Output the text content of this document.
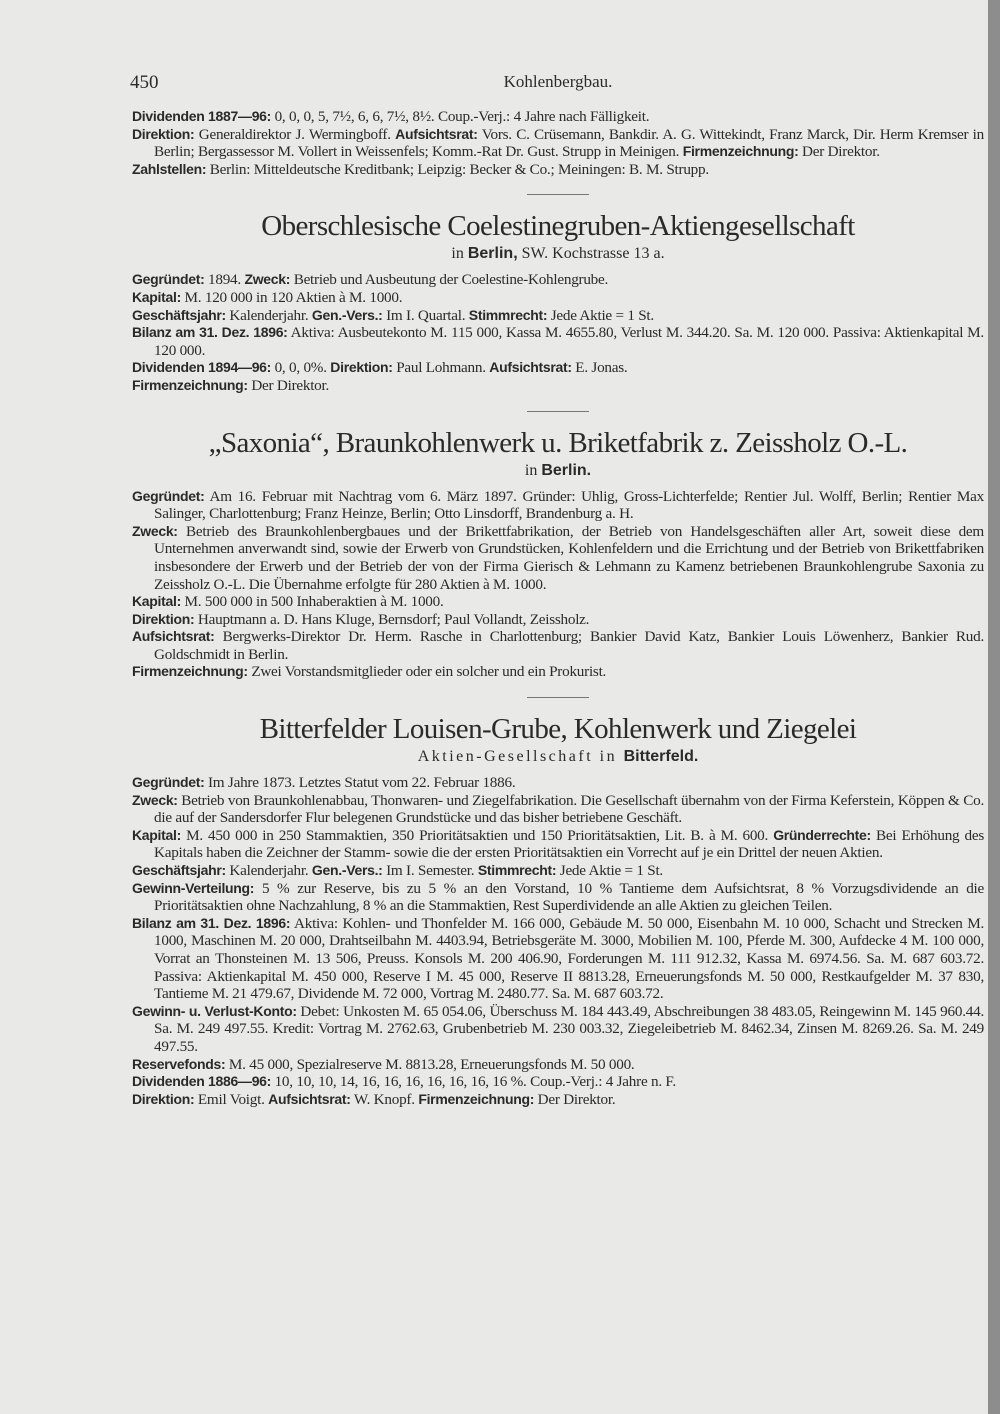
450	Kohlenbergbau.
Dividenden 1887—96: 0, 0, 0, 5, 7½, 6, 6, 7½, 8½. Coup.-Verj.: 4 Jahre nach Fälligkeit.
Direktion: Generaldirektor J. Wermingboff. Aufsichtsrat: Vors. C. Crüsemann, Bankdir. A. G. Wittekindt, Franz Marck, Dir. Herm Kremser in Berlin; Bergassessor M. Vollert in Weissenfels; Komm.-Rat Dr. Gust. Strupp in Meinigen. Firmenzeichnung: Der Direktor.
Zahlstellen: Berlin: Mitteldeutsche Kreditbank; Leipzig: Becker & Co.; Meiningen: B. M. Strupp.
Oberschlesische Coelestinegruben-Aktiengesellschaft
in Berlin, SW. Kochstrasse 13 a.
Gegründet: 1894. Zweck: Betrieb und Ausbeutung der Coelestine-Kohlengrube.
Kapital: M. 120 000 in 120 Aktien à M. 1000.
Geschäftsjahr: Kalenderjahr. Gen.-Vers.: Im I. Quartal. Stimmrecht: Jede Aktie = 1 St.
Bilanz am 31. Dez. 1896: Aktiva: Ausbeutekonto M. 115 000, Kassa M. 4655.80, Verlust M. 344.20. Sa. M. 120 000. Passiva: Aktienkapital M. 120 000.
Dividenden 1894—96: 0, 0, 0%. Direktion: Paul Lohmann. Aufsichtsrat: E. Jonas.
Firmenzeichnung: Der Direktor.
„Saxonia“, Braunkohlenwerk u. Briketfabrik z. Zeissholz O.-L.
in Berlin.
Gegründet: Am 16. Februar mit Nachtrag vom 6. März 1897. Gründer: Uhlig, Gross-Lichterfelde; Rentier Jul. Wolff, Berlin; Rentier Max Salinger, Charlottenburg; Franz Heinze, Berlin; Otto Linsdorff, Brandenburg a. H.
Zweck: Betrieb des Braunkohlenbergbaues und der Brikettfabrikation, der Betrieb von Handelsgeschäften aller Art, soweit diese dem Unternehmen anverwandt sind, sowie der Erwerb von Grundstücken, Kohlenfeldern und die Errichtung und der Betrieb von Brikettfabriken insbesondere der Erwerb und der Betrieb der von der Firma Gierisch & Lehmann zu Kamenz betriebenen Braunkohlengrube Saxonia zu Zeissholz O.-L. Die Übernahme erfolgte für 280 Aktien à M. 1000.
Kapital: M. 500 000 in 500 Inhaberaktien à M. 1000.
Direktion: Hauptmann a. D. Hans Kluge, Bernsdorf; Paul Vollandt, Zeissholz.
Aufsichtsrat: Bergwerks-Direktor Dr. Herm. Rasche in Charlottenburg; Bankier David Katz, Bankier Louis Löwenherz, Bankier Rud. Goldschmidt in Berlin.
Firmenzeichnung: Zwei Vorstandsmitglieder oder ein solcher und ein Prokurist.
Bitterfelder Louisen-Grube, Kohlenwerk und Ziegelei
Aktien-Gesellschaft in Bitterfeld.
Gegründet: Im Jahre 1873. Letztes Statut vom 22. Februar 1886.
Zweck: Betrieb von Braunkohlenabbau, Thonwaren- und Ziegelfabrikation. Die Gesellschaft übernahm von der Firma Keferstein, Köppen & Co. die auf der Sandersdorfer Flur belegenen Grundstücke und das bisher betriebene Geschäft.
Kapital: M. 450 000 in 250 Stammaktien, 350 Prioritätsaktien und 150 Prioritätsaktien, Lit. B. à M. 600. Gründerrechte: Bei Erhöhung des Kapitals haben die Zeichner der Stamm- sowie die der ersten Prioritätsaktien ein Vorrecht auf je ein Drittel der neuen Aktien.
Geschäftsjahr: Kalenderjahr. Gen.-Vers.: Im I. Semester. Stimmrecht: Jede Aktie = 1 St.
Gewinn-Verteilung: 5 % zur Reserve, bis zu 5 % an den Vorstand, 10 % Tantieme dem Aufsichtsrat, 8 % Vorzugsdividende an die Prioritätsaktien ohne Nachzahlung, 8 % an die Stammaktien, Rest Superdividende an alle Aktien zu gleichen Teilen.
Bilanz am 31. Dez. 1896: Aktiva: Kohlen- und Thonfelder M. 166 000, Gebäude M. 50 000, Eisenbahn M. 10 000, Schacht und Strecken M. 1000, Maschinen M. 20 000, Drahtseilbahn M. 4403.94, Betriebsgeräte M. 3000, Mobilien M. 100, Pferde M. 300, Aufdecke 4 M. 100 000, Vorrat an Thonsteinen M. 13 506, Preuss. Konsols M. 200 406.90, Forderungen M. 111 912.32, Kassa M. 6974.56. Sa. M. 687 603.72. Passiva: Aktienkapital M. 450 000, Reserve I M. 45 000, Reserve II 8813.28, Erneuerungsfonds M. 50 000, Restkaufgelder M. 37 830, Tantieme M. 21 479.67, Dividende M. 72 000, Vortrag M. 2480.77. Sa. M. 687 603.72.
Gewinn- u. Verlust-Konto: Debet: Unkosten M. 65 054.06, Überschuss M. 184 443.49, Abschreibungen 38 483.05, Reingewinn M. 145 960.44. Sa. M. 249 497.55. Kredit: Vortrag M. 2762.63, Grubenbetrieb M. 230 003.32, Ziegeleibetrieb M. 8462.34, Zinsen M. 8269.26. Sa. M. 249 497.55.
Reservefonds: M. 45 000, Spezialreserve M. 8813.28, Erneuerungsfonds M. 50 000.
Dividenden 1886—96: 10, 10, 10, 14, 16, 16, 16, 16, 16, 16, 16 %. Coup.-Verj.: 4 Jahre n. F.
Direktion: Emil Voigt. Aufsichtsrat: W. Knopf. Firmenzeichnung: Der Direktor.
